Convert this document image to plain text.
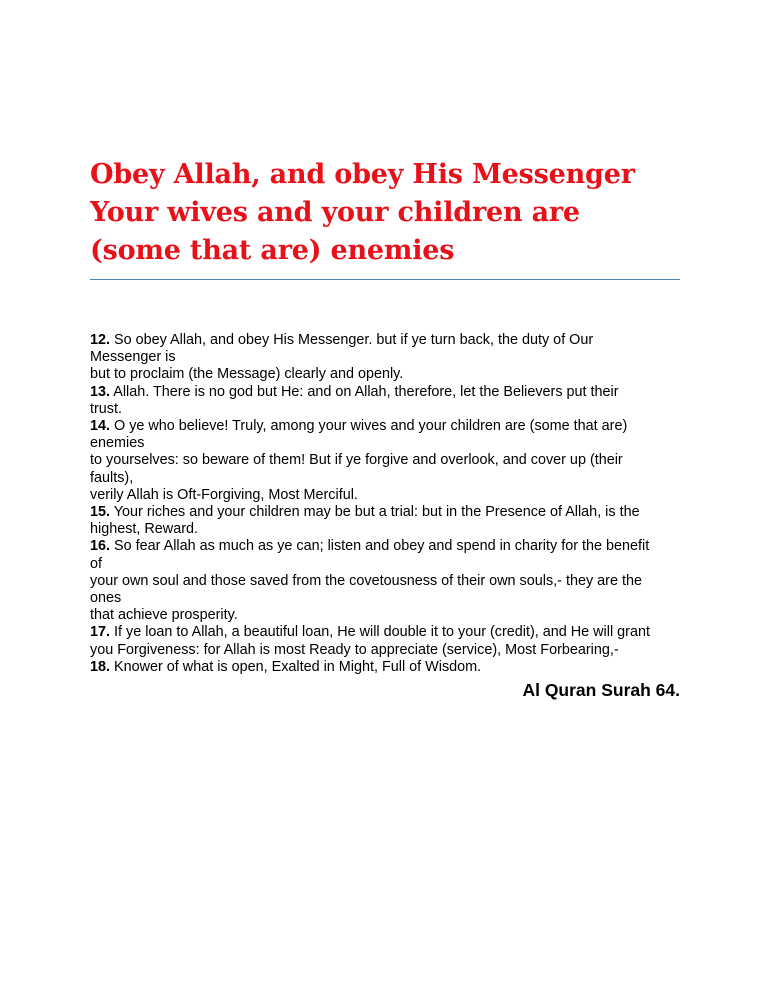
Obey Allah, and obey His Messenger
Your wives and your children are
(some that are) enemies
12. So obey Allah, and obey His Messenger. but if ye turn back, the duty of Our
Messenger is
but to proclaim (the Message) clearly and openly.
13. Allah. There is no god but He: and on Allah, therefore, let the Believers put their
trust.
14. O ye who believe! Truly, among your wives and your children are (some that are)
enemies
to yourselves: so beware of them! But if ye forgive and overlook, and cover up (their
faults),
verily Allah is Oft-Forgiving, Most Merciful.
15. Your riches and your children may be but a trial: but in the Presence of Allah, is the
highest, Reward.
16. So fear Allah as much as ye can; listen and obey and spend in charity for the benefit
of
your own soul and those saved from the covetousness of their own souls,- they are the
ones
that achieve prosperity.
17. If ye loan to Allah, a beautiful loan, He will double it to your (credit), and He will grant
you Forgiveness: for Allah is most Ready to appreciate (service), Most Forbearing,-
18. Knower of what is open, Exalted in Might, Full of Wisdom.
Al Quran Surah 64.
